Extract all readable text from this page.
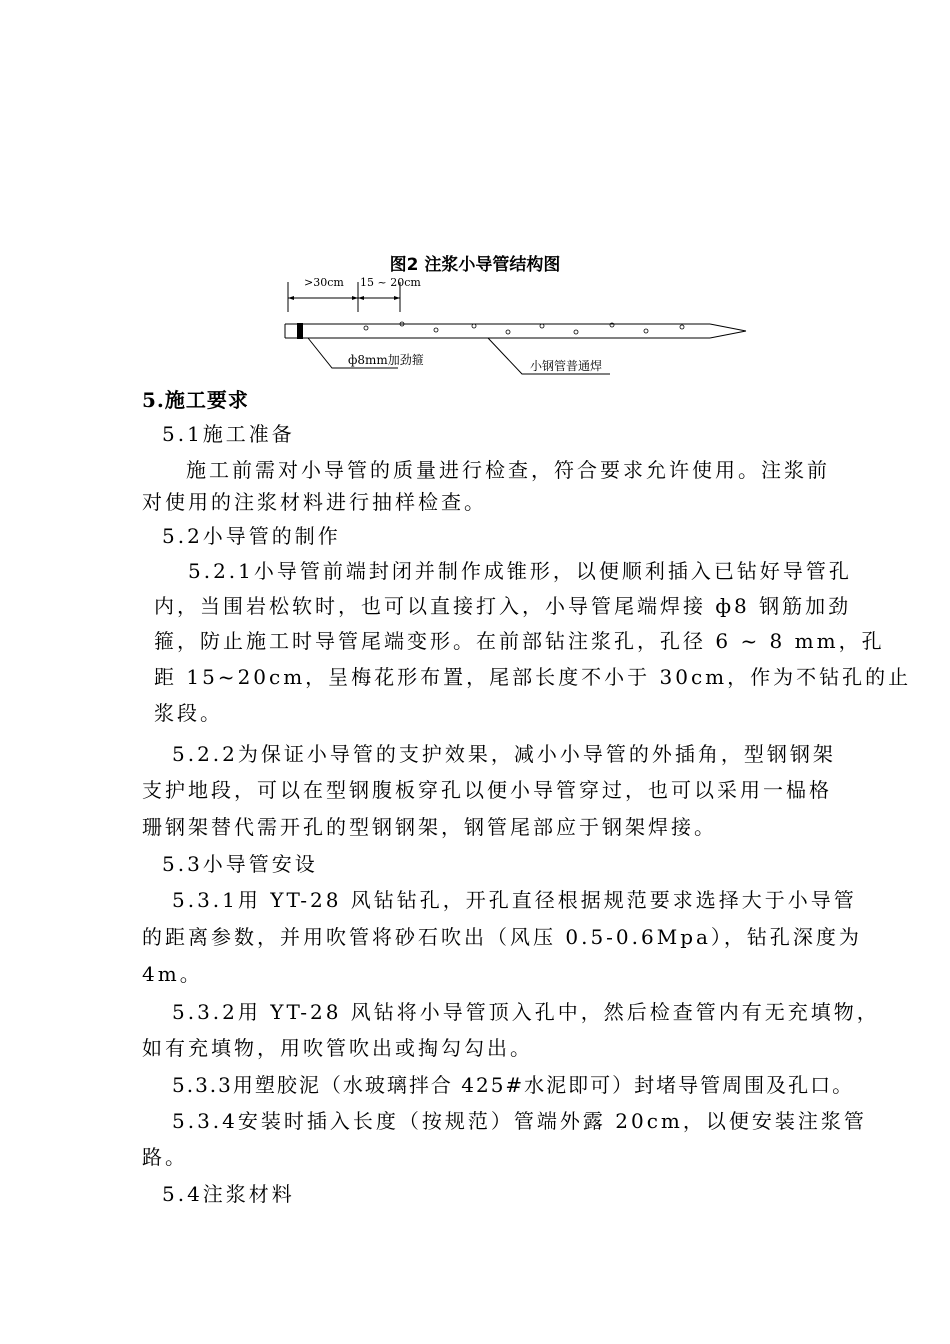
图2 注浆小导管结构图
>30cm 15 ~ 20cm
ф8mm加劲箍	小钢管普通焊
5.施工要求
5.1施工准备
施工前需对小导管的质量进行检查，符合要求允许使用。注浆前
对使用的注浆材料进行抽样检查。
5.2小导管的制作
5.2.1小导管前端封闭并制作成锥形，以便顺利插入已钻好导管孔
内，当围岩松软时，也可以直接打入，小导管尾端焊接 ф8 钢筋加劲
箍，防止施工时导管尾端变形。在前部钻注浆孔，孔径 6 ~ 8 mm，孔
距 15~20cm，呈梅花形布置，尾部长度不小于 30cm，作为不钻孔的止
浆段。
5.2.2为保证小导管的支护效果，减小小导管的外插角，型钢钢架
支护地段，可以在型钢腹板穿孔以便小导管穿过，也可以采用一榀格
珊钢架替代需开孔的型钢钢架，钢管尾部应于钢架焊接。
5.3小导管安设
5.3.1用 YT-28 风钻钻孔，开孔直径根据规范要求选择大于小导管
的距离参数，并用吹管将砂石吹出（风压 0.5-0.6Mpa），钻孔深度为
4m。
5.3.2用 YT-28 风钻将小导管顶入孔中，然后检查管内有无充填物，
如有充填物，用吹管吹出或掏勾勾出。
5.3.3用塑胶泥（水玻璃拌合 425#水泥即可）封堵导管周围及孔口。
5.3.4安装时插入长度（按规范）管端外露 20cm，以便安装注浆管
路。
5.4注浆材料
